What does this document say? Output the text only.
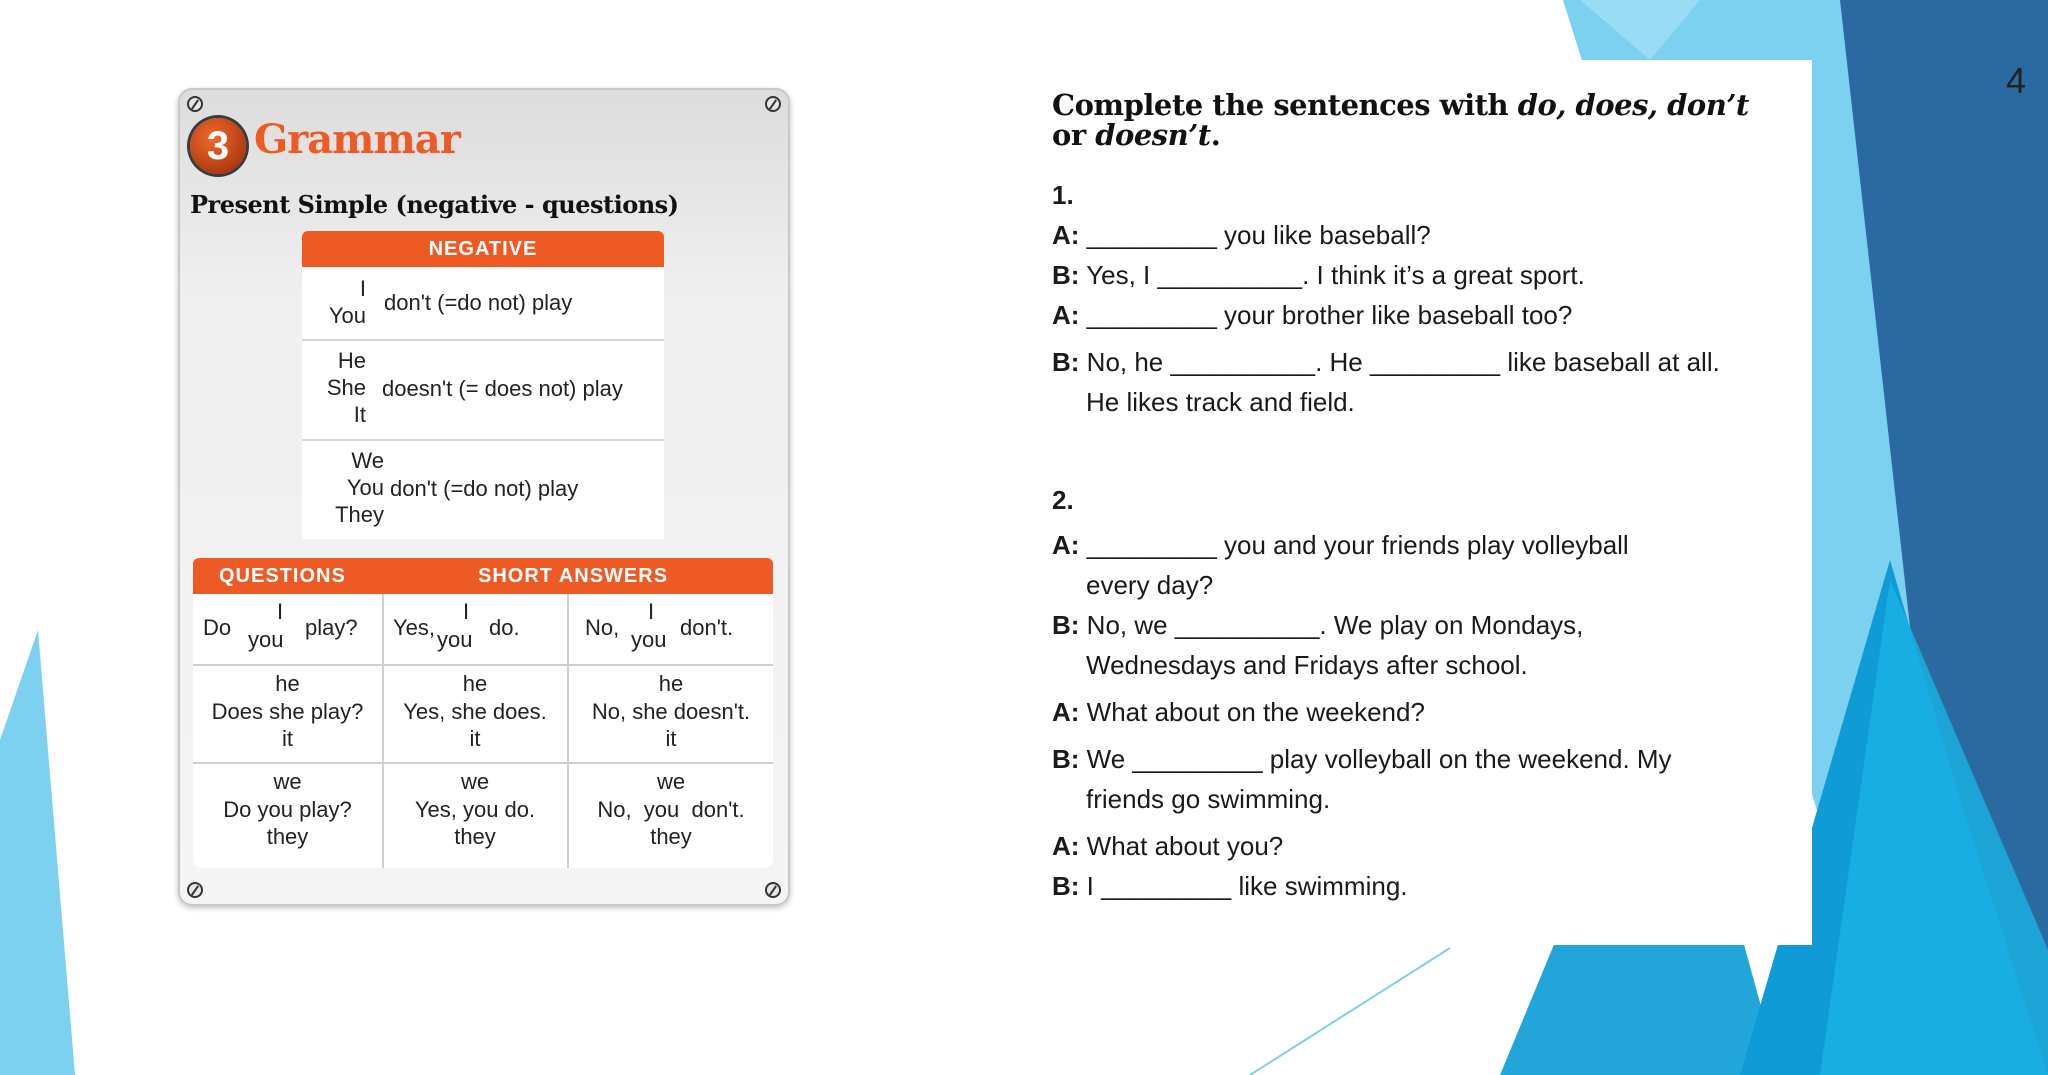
4
3 Grammar
Present Simple (negative - questions)
NEGATIVE
I
You
don't (=do not) play
He
She
It
doesn't (= does not) play
We
You
They
don't (=do not) play
QUESTIONS	SHORT ANSWERS
Do
I
you play? Yes,
I
you do.	No,
I
you don't.
he
Does she play?
it
he
Yes, she does.
it
he
No, she doesn't.
it
we
Do you play?
they
we
Yes, you do.
they
we
No,  you  don't.
they
Complete the sentences with do, does, don’t or doesn’t.
1.
A: _________ you like baseball?
B: Yes, I __________. I think it’s a great sport.
A: _________ your brother like baseball too?
B: No, he __________. He _________ like baseball at all.
He likes track and field.
2.
A: _________ you and your friends play volleyball
every day?
B: No, we __________. We play on Mondays,
Wednesdays and Fridays after school.
A: What about on the weekend?
B: We _________ play volleyball on the weekend. My
friends go swimming.
A: What about you?
B: I _________ like swimming.
